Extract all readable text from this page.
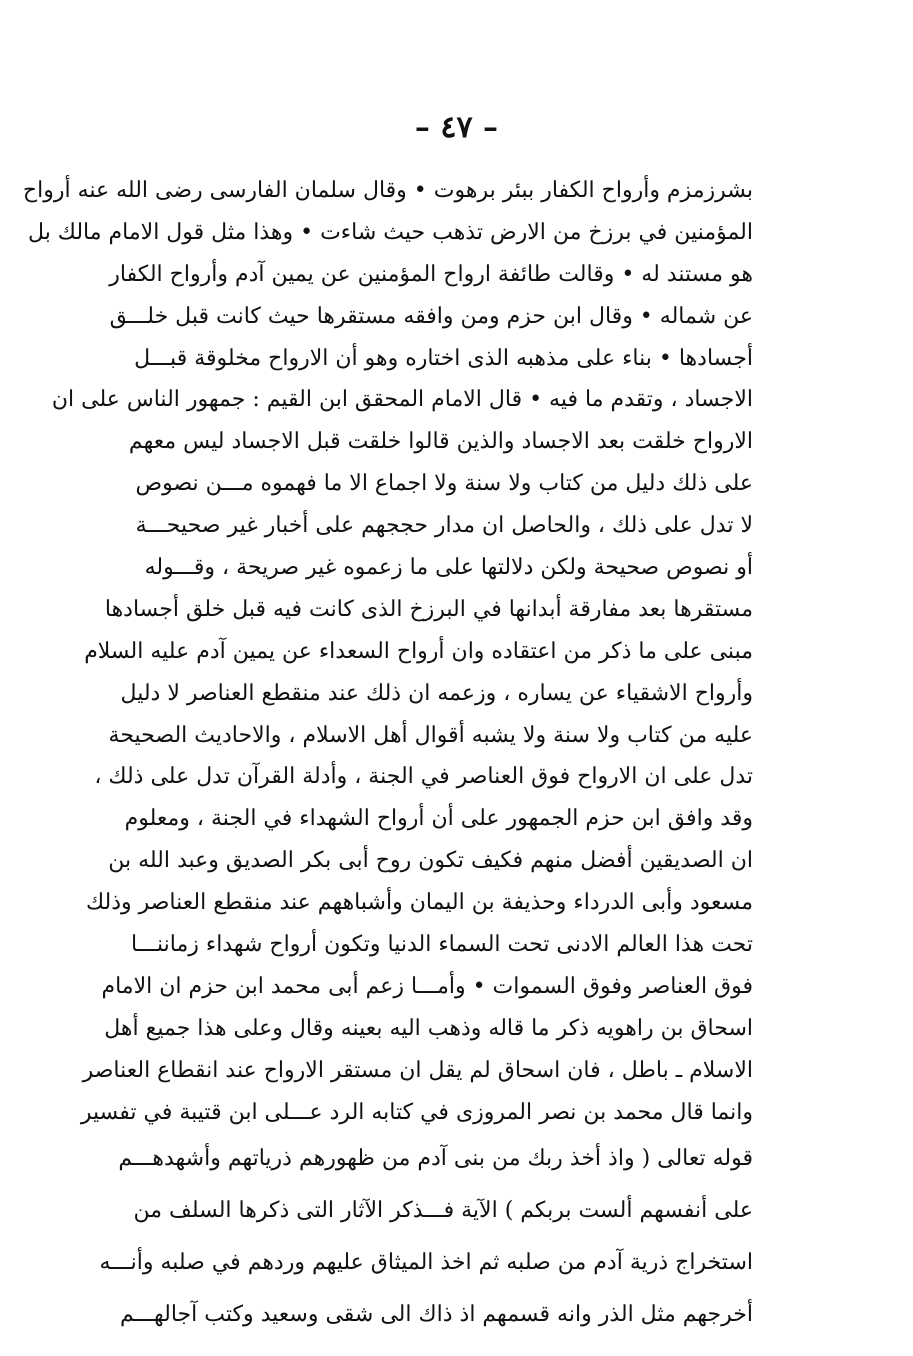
– ٤٧ –
بشرزمزم وأرواح الكفار ببئر برهوت • وقال سلمان الفارسى رضى الله عنه أرواح
المؤمنين في برزخ من الارض تذهب حيث شاءت • وهذا مثل قول الامام مالك بل
هو مستند له • وقالت طائفة ارواح المؤمنين عن يمين آدم وأرواح الكفار
عن شماله • وقال ابن حزم ومن وافقه مستقرها حيث كانت قبل خلـــق
أجسادها • بناء على مذهبه الذى اختاره وهو أن الارواح مخلوقة قبـــل
الاجساد ، وتقدم ما فيه • قال الامام المحقق ابن القيم : جمهور الناس على ان
الارواح خلقت بعد الاجساد والذين قالوا خلقت قبل الاجساد ليس معهم
على ذلك دليل من كتاب ولا سنة ولا اجماع الا ما فهموه مـــن نصوص
لا تدل على ذلك ، والحاصل ان مدار حججهم على أخبار غير صحيحـــة
أو نصوص صحيحة ولكن دلالتها على ما زعموه غير صريحة ، وقـــوله
مستقرها بعد مفارقة أبدانها في البرزخ الذى كانت فيه قبل خلق أجسادها
مبنى على ما ذكر من اعتقاده وان أرواح السعداء عن يمين آدم عليه السلام
وأرواح الاشقياء عن يساره ، وزعمه ان ذلك عند منقطع العناصر لا دليل
عليه من كتاب ولا سنة ولا يشبه أقوال أهل الاسلام ، والاحاديث الصحيحة
تدل على ان الارواح فوق العناصر في الجنة ، وأدلة القرآن تدل على ذلك ،
وقد وافق ابن حزم الجمهور على أن أرواح الشهداء في الجنة ، ومعلوم
ان الصديقين أفضل منهم فكيف تكون روح أبى بكر الصديق وعبد الله بن
مسعود وأبى الدرداء وحذيفة بن اليمان وأشباههم عند منقطع العناصر وذلك
تحت هذا العالم الادنى تحت السماء الدنيا وتكون أرواح شهداء زماننـــا
فوق العناصر وفوق السموات • وأمـــا زعم أبى محمد ابن حزم ان الامام
اسحاق بن راهويه ذكر ما قاله وذهب اليه بعينه وقال وعلى هذا جميع أهل
الاسلام ـ باطل ، فان اسحاق لم يقل ان مستقر الارواح عند انقطاع العناصر
وانما قال محمد بن نصر المروزى في كتابه الرد عـــلى ابن قتيبة في تفسير
قوله تعالى ( واذ أخذ ربك من بنى آدم من ظهورهم ذرياتهم وأشهدهـــم
على أنفسهم ألست بربكم ) الآية فـــذكر الآثار التى ذكرها السلف من
استخراج ذرية آدم من صلبه ثم اخذ الميثاق عليهم وردهم في صلبه وأنـــه
أخرجهم مثل الذر وانه قسمهم اذ ذاك الى شقى وسعيد وكتب آجالهـــم
